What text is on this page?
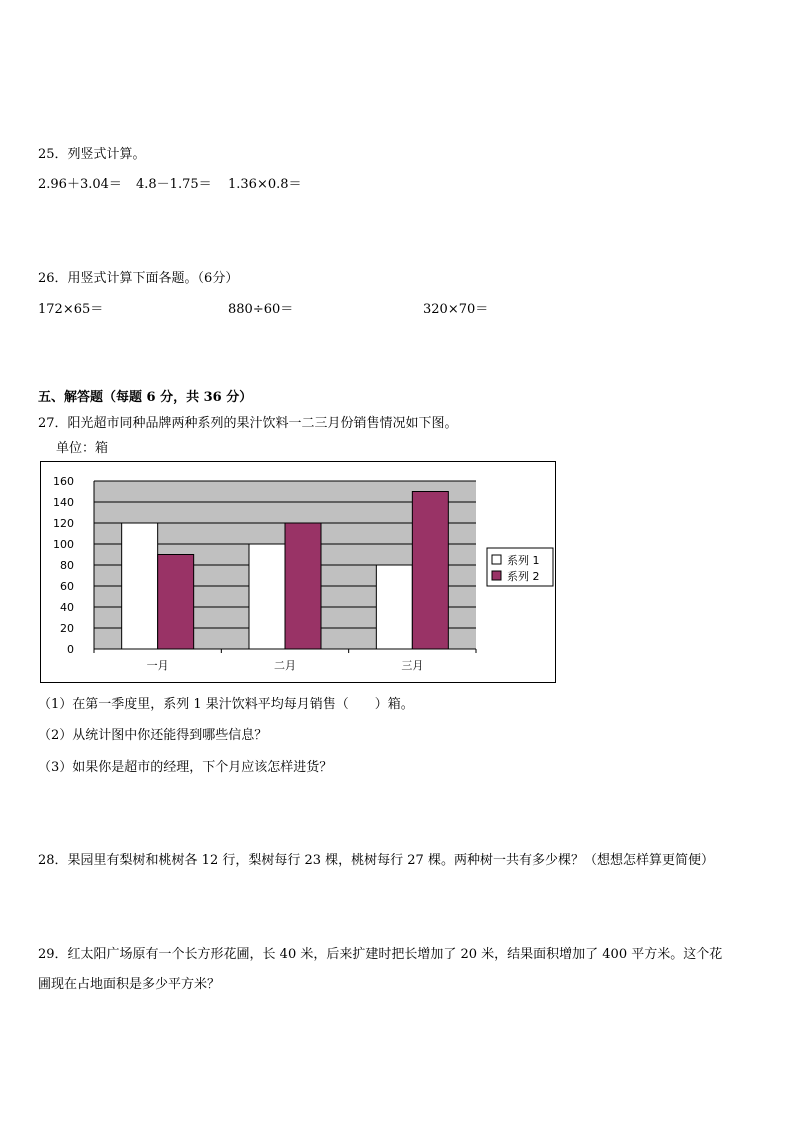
25．列竖式计算。
2.96＋3.04＝ 4.8－1.75＝ 1.36×0.8＝
26．用竖式计算下面各题。（6分）
172×65＝	880÷60＝	320×70＝
五、解答题（每题 6 分，共 36 分）
27．阳光超市同种品牌两种系列的果汁饮料一二三月份销售情况如下图。
单位：箱
0
20
40
60
80
100
120
140
160
一月	二月	三月
系列 1
系列 2
（1）在第一季度里，系列 1 果汁饮料平均每月销售（　　）箱。
（2）从统计图中你还能得到哪些信息？
（3）如果你是超市的经理，下个月应该怎样进货？
28．果园里有梨树和桃树各 12 行，梨树每行 23 棵，桃树每行 27 棵。两种树一共有多少棵？（想想怎样算更简便）
29．红太阳广场原有一个长方形花圃，长 40 米，后来扩建时把长增加了 20 米，结果面积增加了 400 平方米。这个花
圃现在占地面积是多少平方米？
